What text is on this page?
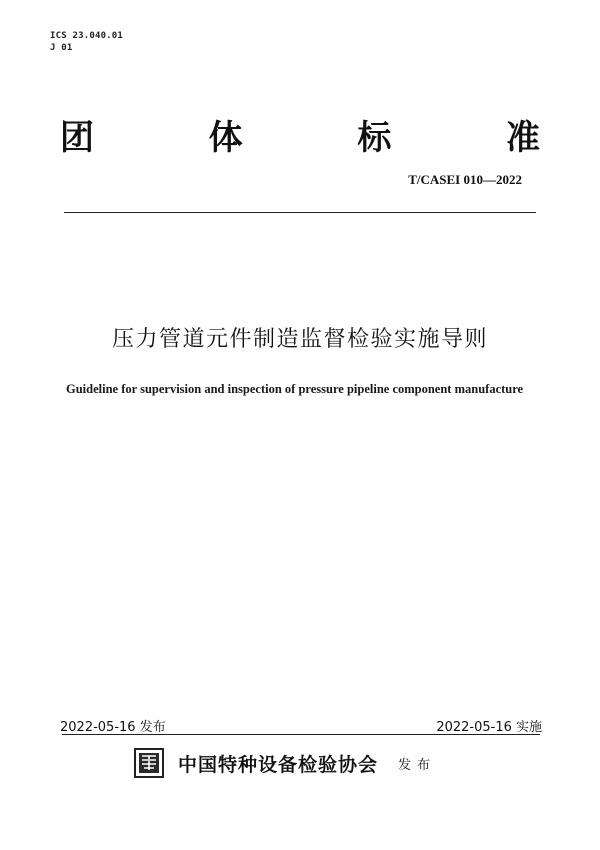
ICS 23.040.01
J 01
团	体	标	准
T/CASEI 010—2022
压力管道元件制造监督检验实施导则
Guideline for supervision and inspection of pressure pipeline component manufacture
2022-05-16 发布	2022-05-16 实施
中国特种设备检验协会 发布
